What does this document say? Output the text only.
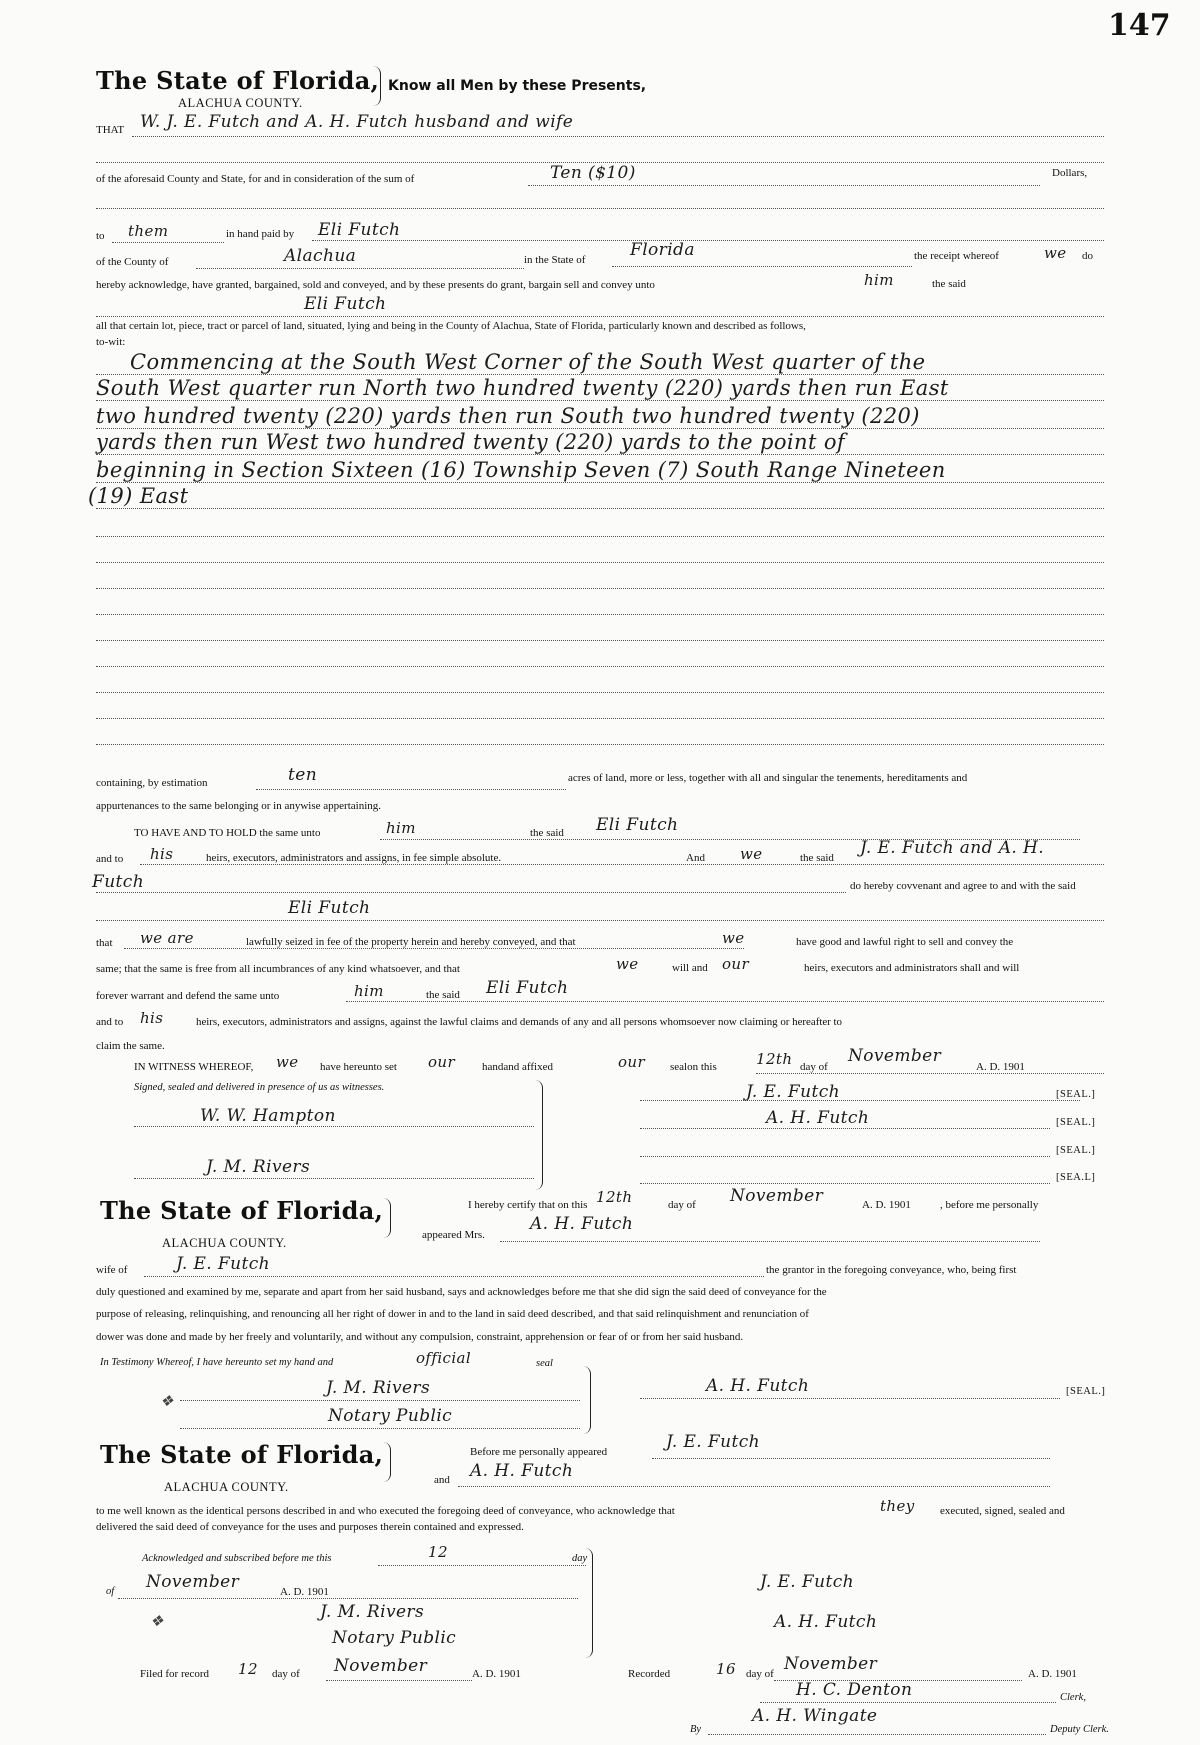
147
The State of Florida, Know all Men by these Presents,
ALACHUA COUNTY.
THAT W. J. E. Futch and A. H. Futch husband and wife
of the aforesaid County and State, for and in consideration of the sum of	Ten ($10)	Dollars,
to them	in hand paid by Eli Futch
of the County of	Alachua	in the State of	Florida	the receipt whereof	we do
hereby acknowledge, have granted, bargained, sold and conveyed, and by these presents do grant, bargain sell and convey unto	him	the said
Eli Futch
all that certain lot, piece, tract or parcel of land, situated, lying and being in the County of Alachua, State of Florida, particularly known and described as follows,
to-wit:
Commencing at the South West Corner of the South West quarter of the
South West quarter run North two hundred twenty (220) yards then run East
two hundred twenty (220) yards then run South two hundred twenty (220)
yards then run West two hundred twenty (220) yards to the point of
beginning in Section Sixteen (16) Township Seven (7) South Range Nineteen
(19) East
containing, by estimation	ten	acres of land, more or less, together with all and singular the tenements, hereditaments and
appurtenances to the same belonging or in anywise appertaining.
TO HAVE AND TO HOLD the same unto	him	the said Eli Futch
and to his	heirs, executors, administrators and assigns, in fee simple absolute.	And we	the said J. E. Futch and A. H.
Futch	do hereby covvenant and agree to and with the said
Eli Futch
that we are	lawfully seized in fee of the property herein and hereby conveyed, and that	we	have good and lawful right to sell and convey the
same; that the same is free from all incumbrances of any kind whatsoever, and that	we	will and our	heirs, executors and administrators shall and will
forever warrant and defend the same unto	him	the said Eli Futch
and to his	heirs, executors, administrators and assigns, against the lawful claims and demands of any and all persons whomsoever now claiming or hereafter to
claim the same.
IN WITNESS WHEREOF, we have hereunto set our handand affixed	our sealon this	12th day of
November
A. D. 1901
Signed, sealed and delivered in presence of us as witnesses.
W. W. Hampton
J. M. Rivers
J. E. Futch	[SEAL.]
A. H. Futch	[SEAL.]
[SEAL.]
[SEA.L]
The State of Florida,
ALACHUA COUNTY.
I hereby certify that on this 12th	day of November	A. D. 1901	, before me personally
appeared Mrs.
A. H. Futch
wife of	J. E. Futch	the grantor in the foregoing conveyance, who, being first
duly questioned and examined by me, separate and apart from her said husband, says and acknowledges before me that she did sign the said deed of conveyance for the
purpose of releasing, relinquishing, and renouncing all her right of dower in and to the land in said deed described, and that said relinquishment and renunciation of
dower was done and made by her freely and voluntarily, and without any compulsion, constraint, apprehension or fear of or from her said husband.
In Testimony Whereof, I have hereunto set my hand and	official	seal
J. M. Rivers
Notary Public
❖
A. H. Futch	[SEAL.]
The State of Florida,
ALACHUA COUNTY.
Before me personally appeared	J. E. Futch
and A. H. Futch
to me well known as the identical persons described in and who executed the foregoing deed of conveyance, who acknowledge that	they executed, signed, sealed and
delivered the said deed of conveyance for the uses and purposes therein contained and expressed.
Acknowledged and subscribed before me this	12	day
of November	A. D. 1901
❖	J. M. Rivers
Notary Public
J. E. Futch
A. H. Futch
Filed for record 12 day of November	A. D. 1901	Recorded	16 day of November	A. D. 1901
H. C. Denton	Clerk,
By
A. H. Wingate
Deputy Clerk.
